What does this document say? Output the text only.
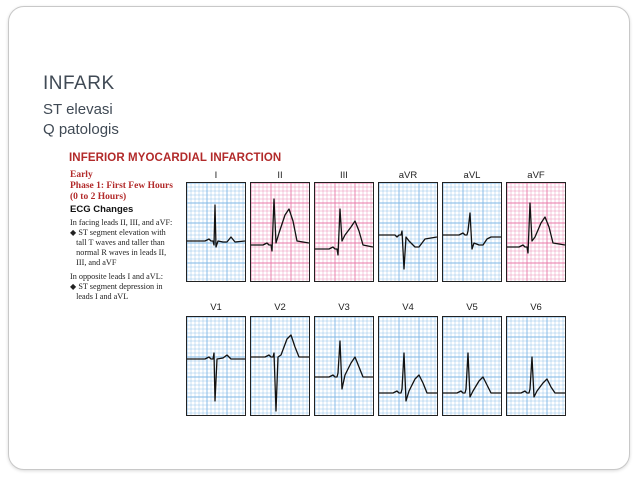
INFARK
ST elevasi
Q patologis
INFERIOR MYOCARDIAL INFARCTION
Early
Phase 1: First Few Hours
(0 to 2 Hours)
ECG Changes
In facing leads II, III, and aVF:
◆ ST segment elevation with
tall T waves and taller than
normal R waves in leads II,
III, and aVF
In opposite leads I and aVL:
◆ ST segment depression in
leads I and aVL
I	II	III	aVR	aVL	aVF
V1	V2	V3	V4	V5	V6
